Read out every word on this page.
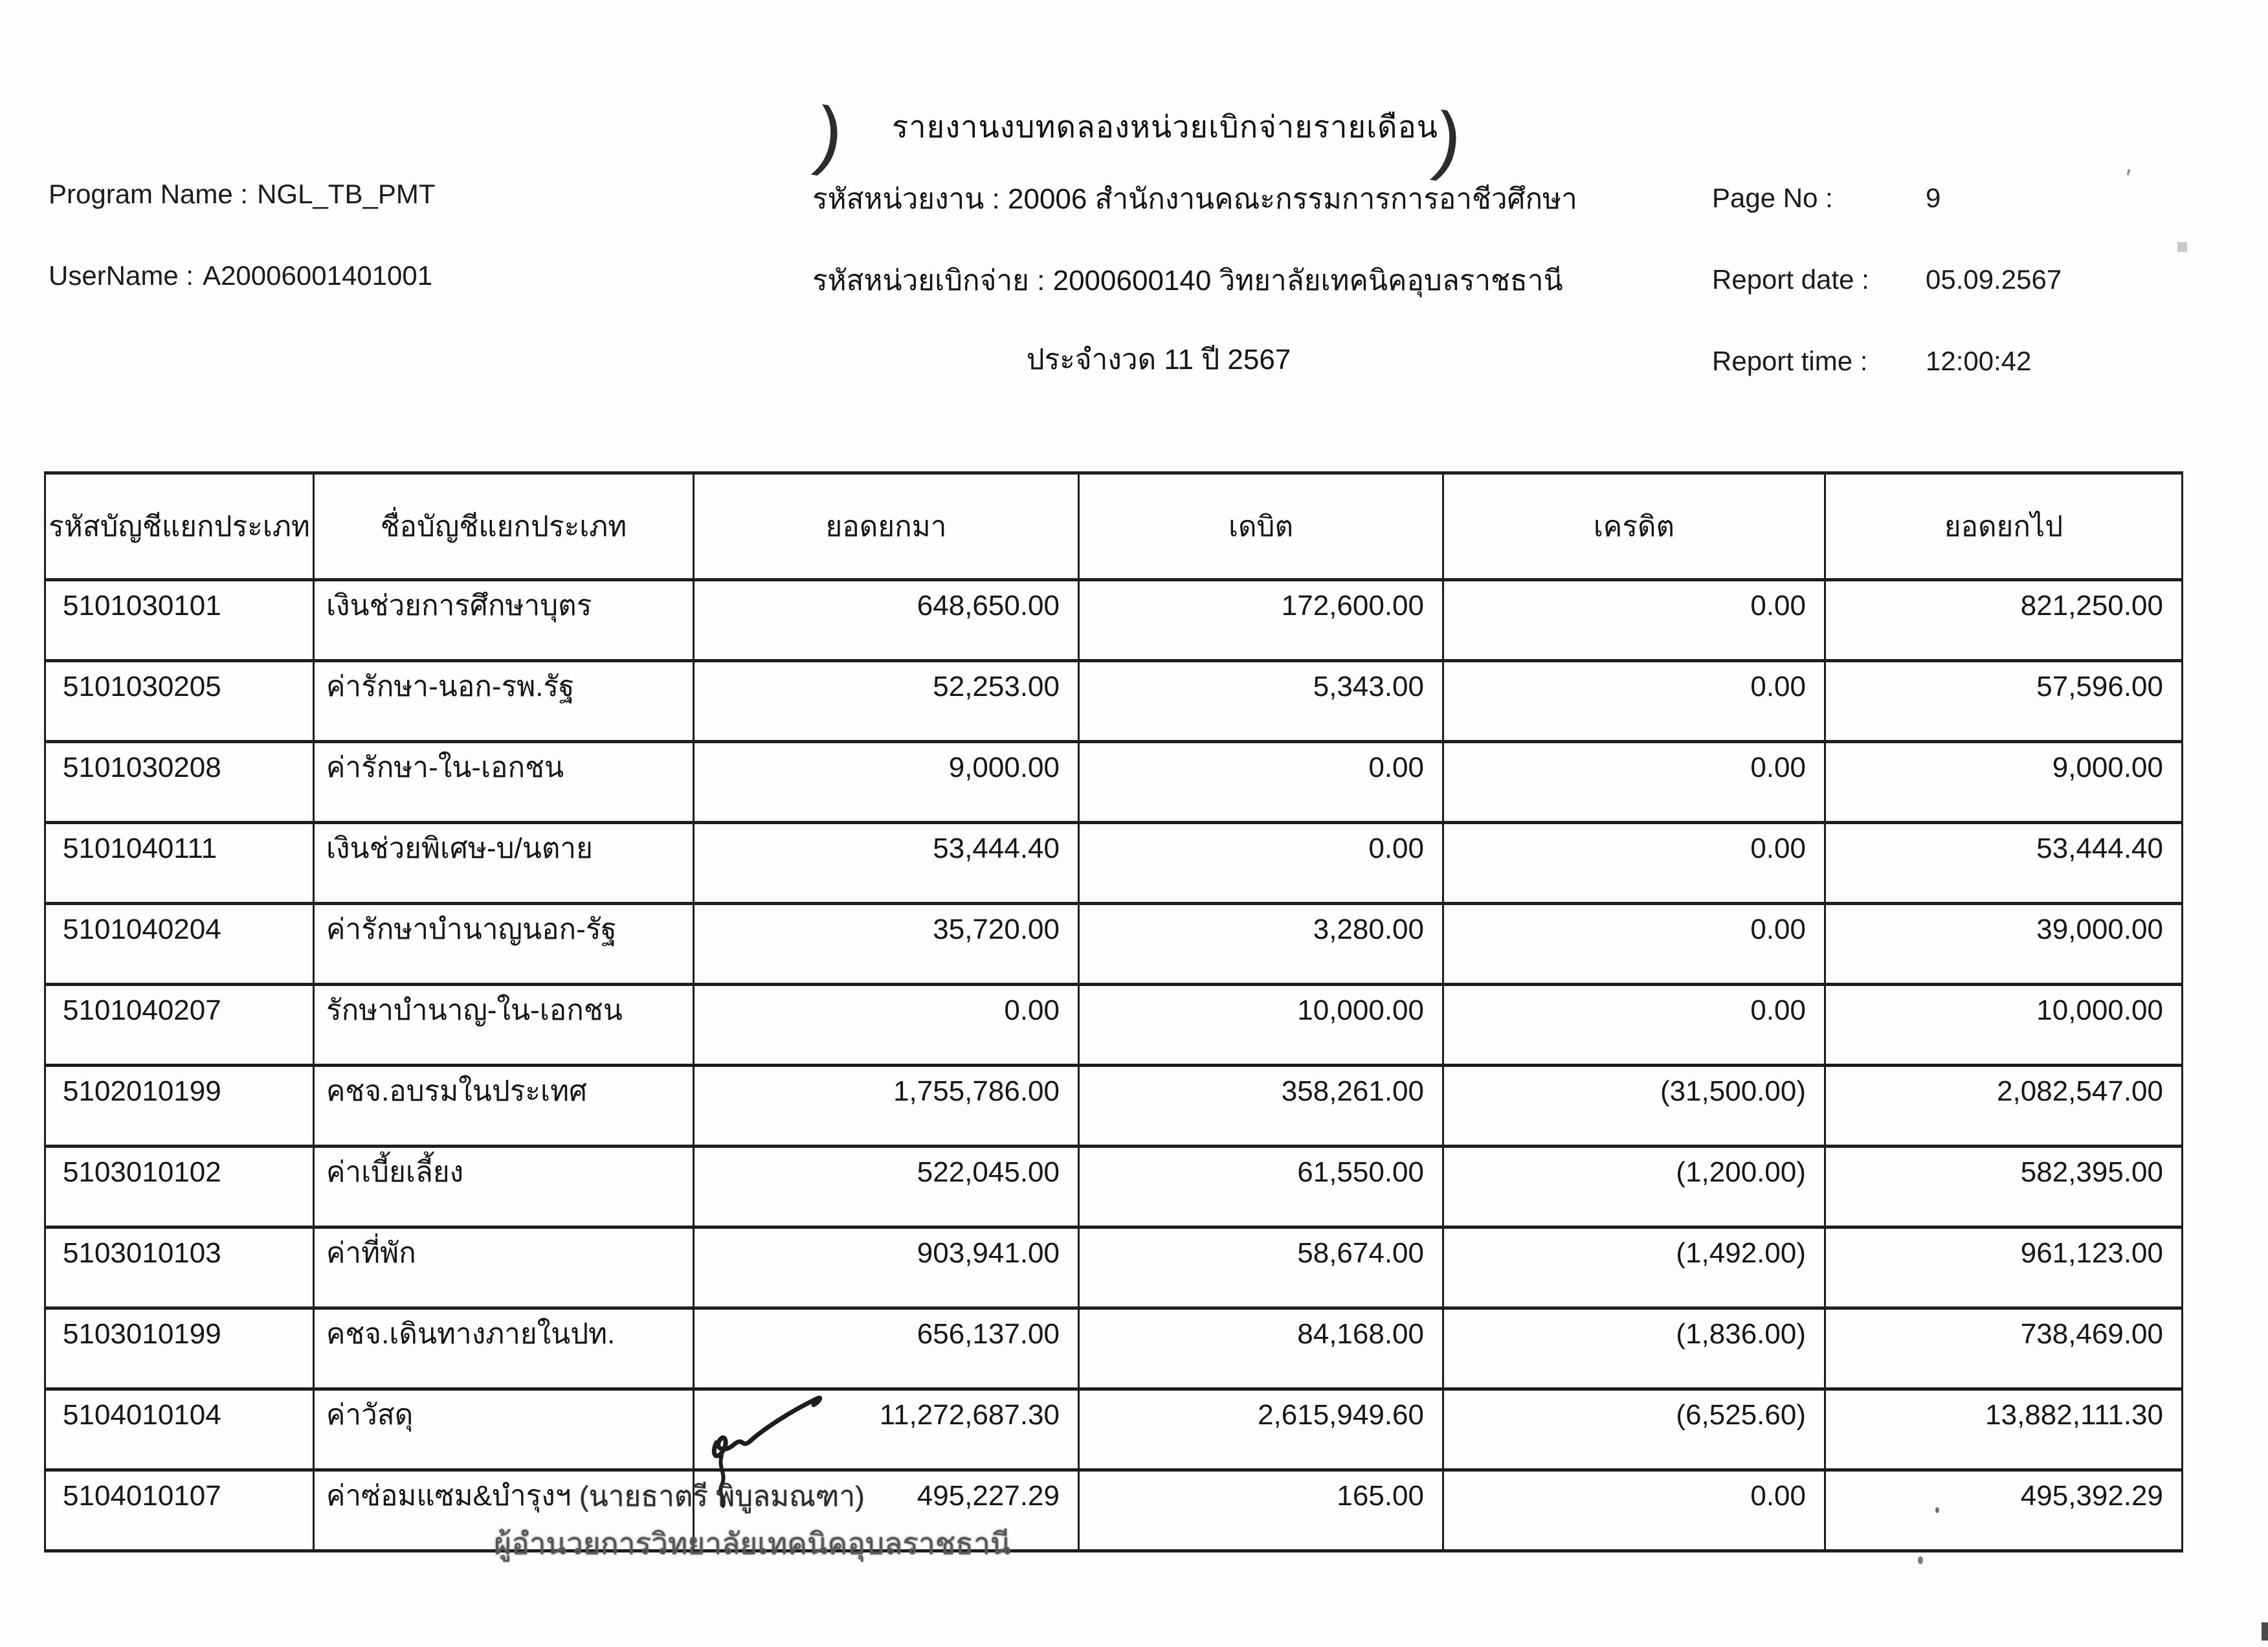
)	)	'
รายงานงบทดลองหน่วยเบิกจ่ายรายเดือน
Program Name : NGL_TB_PMT
UserName : A20006001401001
รหัสหน่วยงาน : 20006 สำนักงานคณะกรรมการการอาชีวศึกษา
รหัสหน่วยเบิกจ่าย : 2000600140 วิทยาลัยเทคนิคอุบลราชธานี
ประจำงวด 11 ปี 2567
Page No :	9
Report date : 05.09.2567
Report time : 12:00:42
รหัสบัญชีแยกประเภท	ชื่อบัญชีแยกประเภท	ยอดยกมา	เดบิต	เครดิต	ยอดยกไป
5101030101	เงินช่วยการศึกษาบุตร	648,650.00	172,600.00	0.00	821,250.00
5101030205	ค่ารักษา-นอก-รพ.รัฐ	52,253.00	5,343.00	0.00	57,596.00
5101030208	ค่ารักษา-ใน-เอกชน	9,000.00	0.00	0.00	9,000.00
5101040111	เงินช่วยพิเศษ-บ/นตาย	53,444.40	0.00	0.00	53,444.40
5101040204	ค่ารักษาบำนาญนอก-รัฐ	35,720.00	3,280.00	0.00	39,000.00
5101040207	รักษาบำนาญ-ใน-เอกชน	0.00	10,000.00	0.00	10,000.00
5102010199	คชจ.อบรมในประเทศ	1,755,786.00	358,261.00	(31,500.00)	2,082,547.00
5103010102	ค่าเบี้ยเลี้ยง	522,045.00	61,550.00	(1,200.00)	582,395.00
5103010103	ค่าที่พัก	903,941.00	58,674.00	(1,492.00)	961,123.00
5103010199	คชจ.เดินทางภายในปท.	656,137.00	84,168.00	(1,836.00)	738,469.00
5104010104	ค่าวัสดุ	11,272,687.30	2,615,949.60	(6,525.60)	13,882,111.30
5104010107	ค่าซ่อมแซม&บำรุงฯ	495,227.29	165.00	0.00	495,392.29
(นายธาตรี พิบูลมณฑา)
ผู้อำนวยการวิทยาลัยเทคนิคอุบลราชธานี
